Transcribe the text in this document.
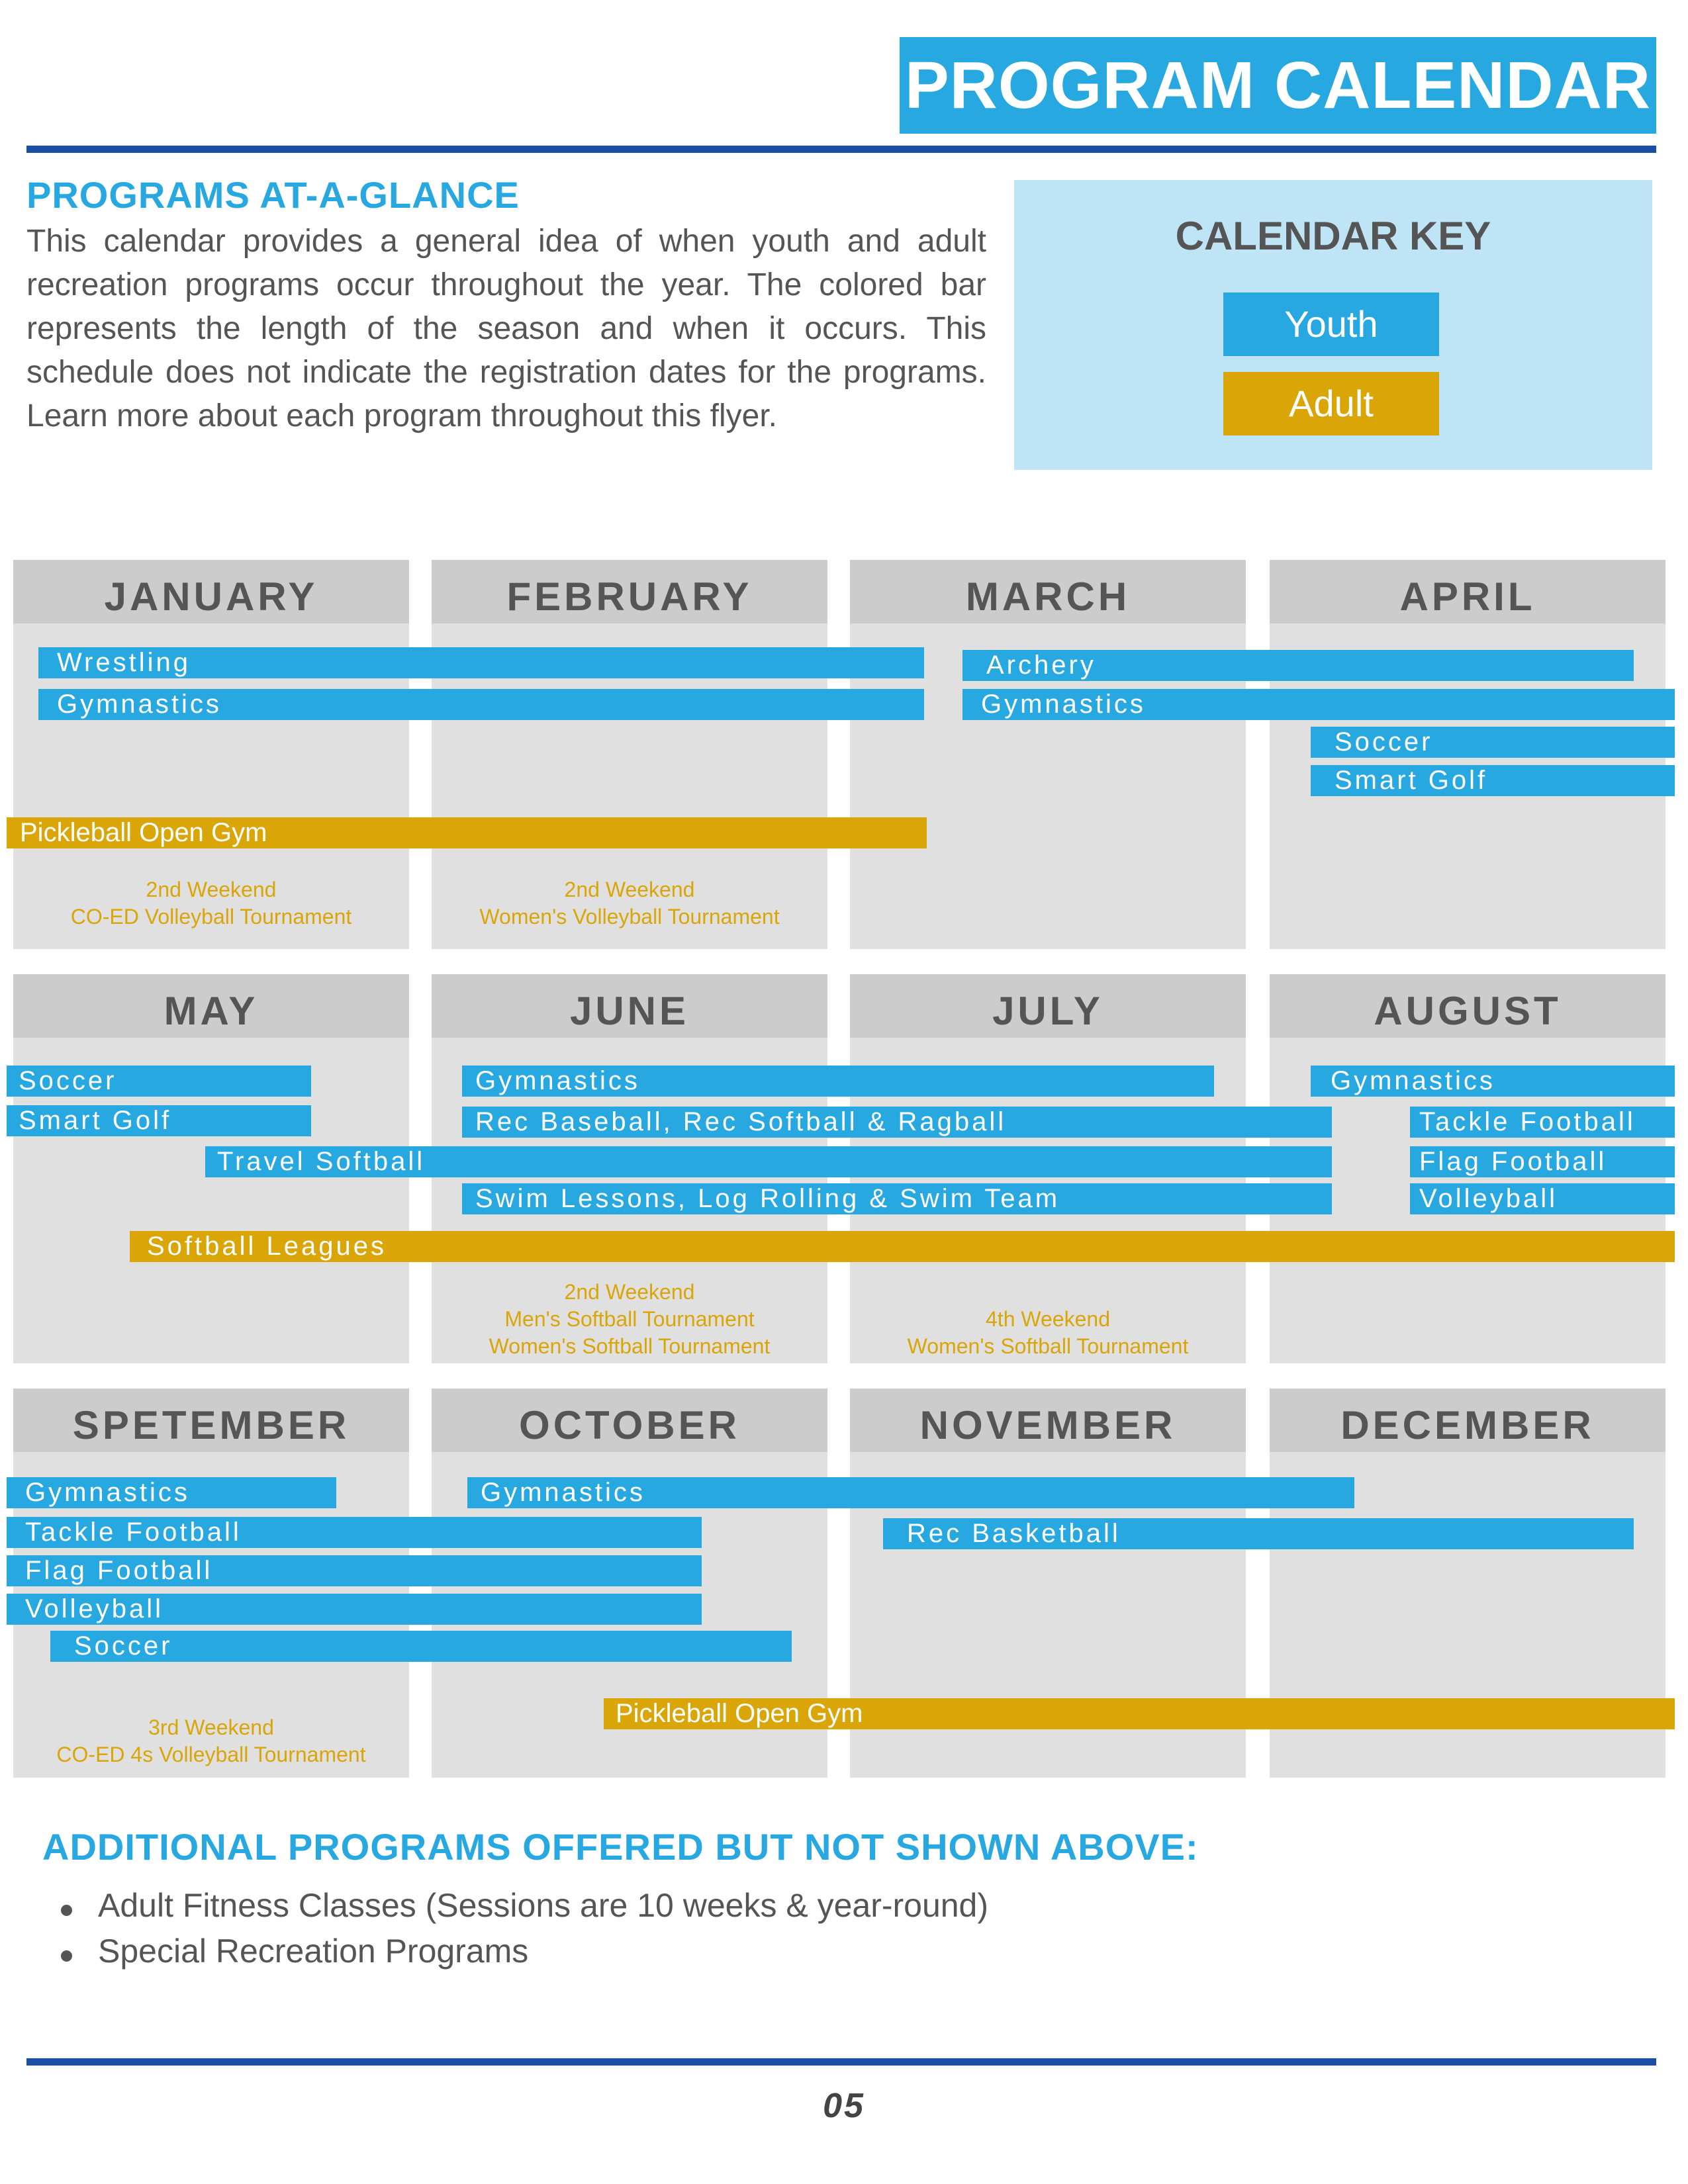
PROGRAM CALENDAR
PROGRAMS AT-A-GLANCE
This calendar provides a general idea of when youth and adult recreation programs occur throughout the year. The colored bar represents the length of the season and when it occurs. This schedule does not indicate the registration dates for the programs. Learn more about each program throughout this flyer.
CALENDAR KEY
Youth
Adult
JANUARY	FEBRUARY	MARCH	APRIL
MAY	JUNE	JULY	AUGUST
SPETEMBER	OCTOBER	NOVEMBER	DECEMBER
Wrestling
Gymnastics
Archery
Gymnastics
Soccer
Smart Golf
Pickleball Open Gym
2nd Weekend
CO-ED Volleyball Tournament
2nd Weekend
Women's Volleyball Tournament
Soccer
Smart Golf
Travel Softball
Gymnastics
Rec Baseball, Rec Softball & Ragball
Swim Lessons, Log Rolling & Swim Team
Gymnastics
Tackle Football
Flag Football
Volleyball
Softball Leagues
2nd Weekend
Men's Softball Tournament
Women's Softball Tournament
4th Weekend
Women's Softball Tournament
Gymnastics
Tackle Football
Flag Football
Volleyball
Soccer
Gymnastics
Rec Basketball
Pickleball Open Gym
3rd Weekend
CO-ED 4s Volleyball Tournament
ADDITIONAL PROGRAMS OFFERED BUT NOT SHOWN ABOVE:
Adult Fitness Classes (Sessions are 10 weeks & year-round)
Special Recreation Programs
05
